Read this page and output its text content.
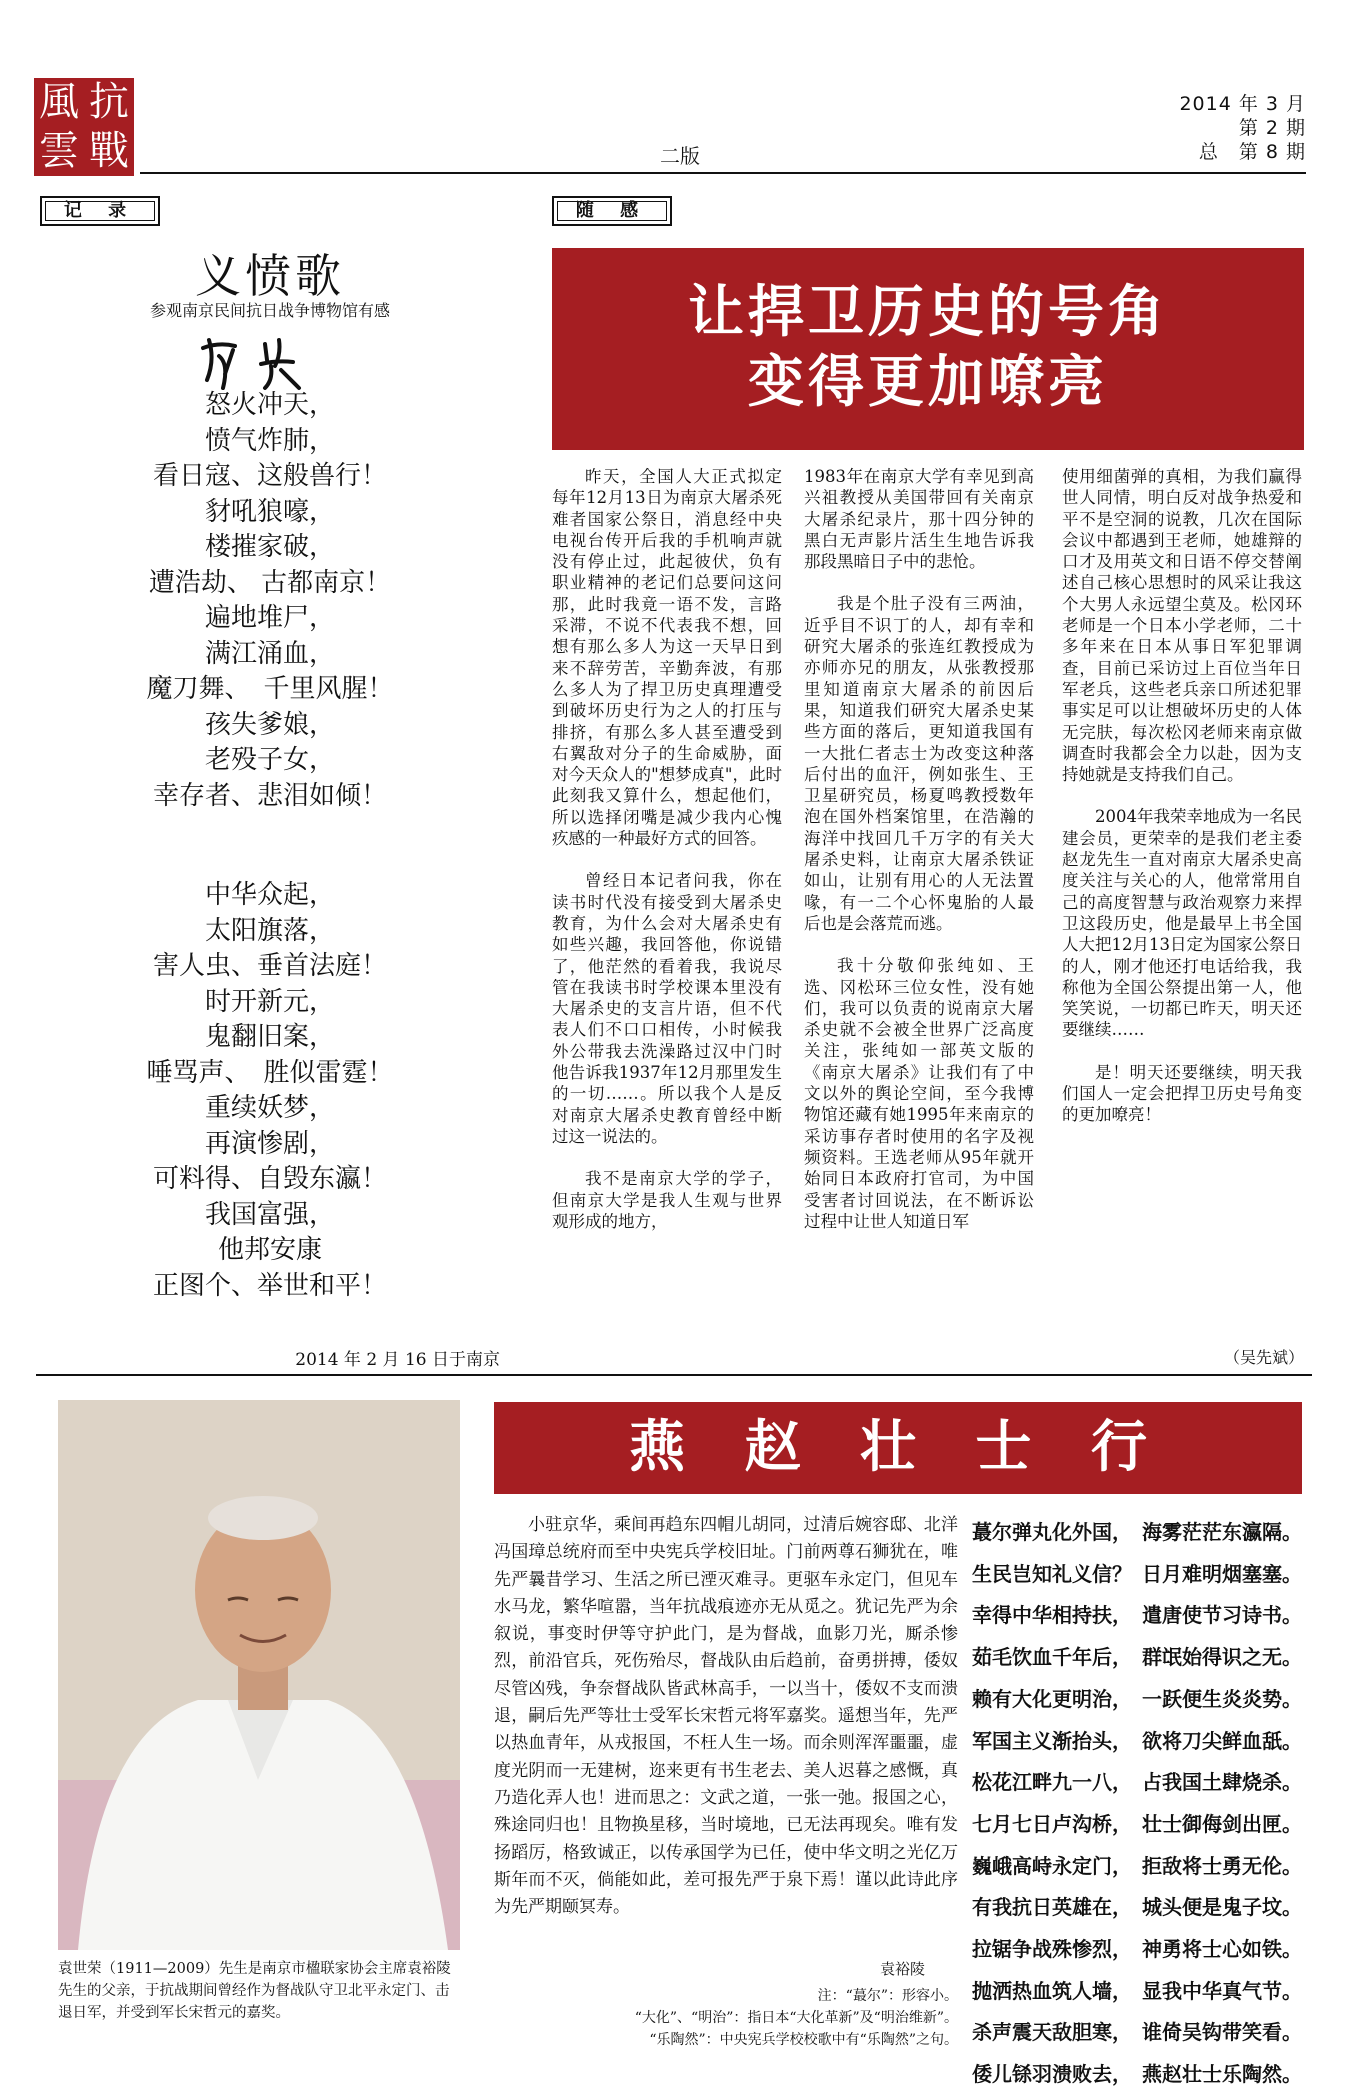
風 抗
雲 戰
2014 年 3 月
第 2 期
总　第 8 期
二版
记 录
义愤歌
参观南京民间抗日战争博物馆有感
怒火冲天，
愤气炸肺，
看日寇、这般兽行！
豺吼狼嚎，
楼摧家破，
遭浩劫、 古都南京！
遍地堆尸，
满江涌血，
魔刀舞、　千里风腥！
孩失爹娘，
老殁子女，
幸存者、悲泪如倾！
中华众起，
太阳旗落，
害人虫、垂首法庭！
时开新元，
鬼翻旧案，
唾骂声、　胜似雷霆！
重续妖梦，
再演惨剧，
可料得、自毁东瀛！
我国富强，
他邦安康
正图个、举世和平！
2014 年 2 月 16 日于南京
随 感
让捍卫历史的号角
变得更加嘹亮

昨天，全国人大正式拟定每年12月13日为南京大屠杀死难者国家公祭日，消息经中央电视台传开后我的手机响声就没有停止过，此起彼伏，负有职业精神的老记们总要问这问那，此时我竟一语不发，言路采滞，不说不代表我不想，回想有那么多人为这一天早日到来不辞劳苦，辛勤奔波，有那么多人为了捍卫历史真理遭受到破坏历史行为之人的打压与排挤，有那么多人甚至遭受到右翼敌对分子的生命威胁，面对今天众人的"想梦成真"，此时此刻我又算什么，想起他们，所以选择闭嘴是减少我内心愧疚感的一种最好方式的回答。

曾经日本记者问我，你在读书时代没有接受到大屠杀史教育，为什么会对大屠杀史有如些兴趣，我回答他，你说错了，他茫然的看着我，我说尽管在我读书时学校课本里没有大屠杀史的支言片语，但不代表人们不口口相传，小时候我外公带我去洗澡路过汉中门时他告诉我1937年12月那里发生的一切……。所以我个人是反对南京大屠杀史教育曾经中断过这一说法的。

我不是南京大学的学子，但南京大学是我人生观与世界观形成的地方，

1983年在南京大学有幸见到高兴祖教授从美国带回有关南京大屠杀纪录片，那十四分钟的黑白无声影片活生生地告诉我那段黑暗日子中的悲怆。

我是个肚子没有三两油，近乎目不识丁的人，却有幸和研究大屠杀的张连红教授成为亦师亦兄的朋友，从张教授那里知道南京大屠杀的前因后果，知道我们研究大屠杀史某些方面的落后，更知道我国有一大批仁者志士为改变这种落后付出的血汗，例如张生、王卫星研究员，杨夏鸣教授数年泡在国外档案馆里，在浩瀚的海洋中找回几千万字的有关大屠杀史料，让南京大屠杀铁证如山，让别有用心的人无法置喙，有一二个心怀鬼胎的人最后也是会落荒而逃。

我十分敬仰张纯如、王选、冈松环三位女性，没有她们，我可以负责的说南京大屠杀史就不会被全世界广泛高度关注，张纯如一部英文版的《南京大屠杀》让我们有了中文以外的舆论空间，至今我博物馆还藏有她1995年来南京的采访事存者时使用的名字及视频资料。王选老师从95年就开始同日本政府打官司，为中国受害者讨回说法，在不断诉讼过程中让世人知道日军

使用细菌弹的真相，为我们赢得世人同情，明白反对战争热爱和平不是空洞的说教，几次在国际会议中都遇到王老师，她雄辩的口才及用英文和日语不停交替阐述自己核心思想时的风采让我这个大男人永远望尘莫及。松冈环老师是一个日本小学老师，二十多年来在日本从事日军犯罪调查，目前已采访过上百位当年日军老兵，这些老兵亲口所述犯罪事实足可以让想破坏历史的人体无完肤，每次松冈老师来南京做调查时我都会全力以赴，因为支持她就是支持我们自己。

2004年我荣幸地成为一名民建会员，更荣幸的是我们老主委赵龙先生一直对南京大屠杀史高度关注与关心的人，他常常用自己的高度智慧与政治观察力来捍卫这段历史，他是最早上书全国人大把12月13日定为国家公祭日的人，刚才他还打电话给我，我称他为全国公祭提出第一人，他笑笑说，一切都已昨天，明天还要继续……

是！明天还要继续，明天我们国人一定会把捍卫历史号角变的更加嘹亮！

（吴先斌）
袁世荣（1911—2009）先生是南京市楹联家协会主席袁裕陵先生的父亲，于抗战期间曾经作为督战队守卫北平永定门、击退日军，并受到军长宋哲元的嘉奖。
燕 赵 壮 士 行
小驻京华，乘间再趋东四帽儿胡同，过清后婉容邸、北洋冯国璋总统府而至中央宪兵学校旧址。门前两尊石狮犹在，唯先严曩昔学习、生活之所已湮灭难寻。更驱车永定门，但见车水马龙，繁华喧嚣，当年抗战痕迹亦无从觅之。犹记先严为余叙说，事变时伊等守护此门，是为督战，血影刀光，厮杀惨烈，前沿官兵，死伤殆尽，督战队由后趋前，奋勇拼搏，倭奴尽管凶残，争奈督战队皆武林高手，一以当十，倭奴不支而溃退，嗣后先严等壮士受军长宋哲元将军嘉奖。遥想当年，先严以热血青年，从戎报国，不枉人生一场。而余则浑浑噩噩，虚度光阴而一无建树，迩来更有书生老去、美人迟暮之感慨，真乃造化弄人也！进而思之：文武之道，一张一弛。报国之心，殊途同归也！且物换星移，当时境地，已无法再现矣。唯有发扬蹈厉，格致诚正，以传承国学为已任，使中华文明之光亿万斯年而不灭，倘能如此，差可报先严于泉下焉！谨以此诗此序为先严期颐冥寿。
袁裕陵
注：“蕞尔”：形容小。
“大化”、“明治”：指日本“大化革新”及“明治维新”。
“乐陶然”：中央宪兵学校校歌中有“乐陶然”之句。
蕞尔弹丸化外国， 海雾茫茫东瀛隔。
生民岂知礼义信？ 日月难明烟塞塞。
幸得中华相持扶， 遣唐使节习诗书。
茹毛饮血千年后， 群氓始得识之无。
赖有大化更明治， 一跃便生炎炎势。
军国主义渐抬头， 欲将刀尖鲜血舐。
松花江畔九一八， 占我国土肆烧杀。
七月七日卢沟桥， 壮士御侮剑出匣。
巍峨高峙永定门， 拒敌将士勇无伦。
有我抗日英雄在， 城头便是鬼子坟。
拉锯争战殊惨烈， 神勇将士心如铁。
抛洒热血筑人墙， 显我中华真气节。
杀声震天敌胆寒， 谁倚吴钩带笑看。
倭儿铩羽溃败去， 燕赵壮士乐陶然。
